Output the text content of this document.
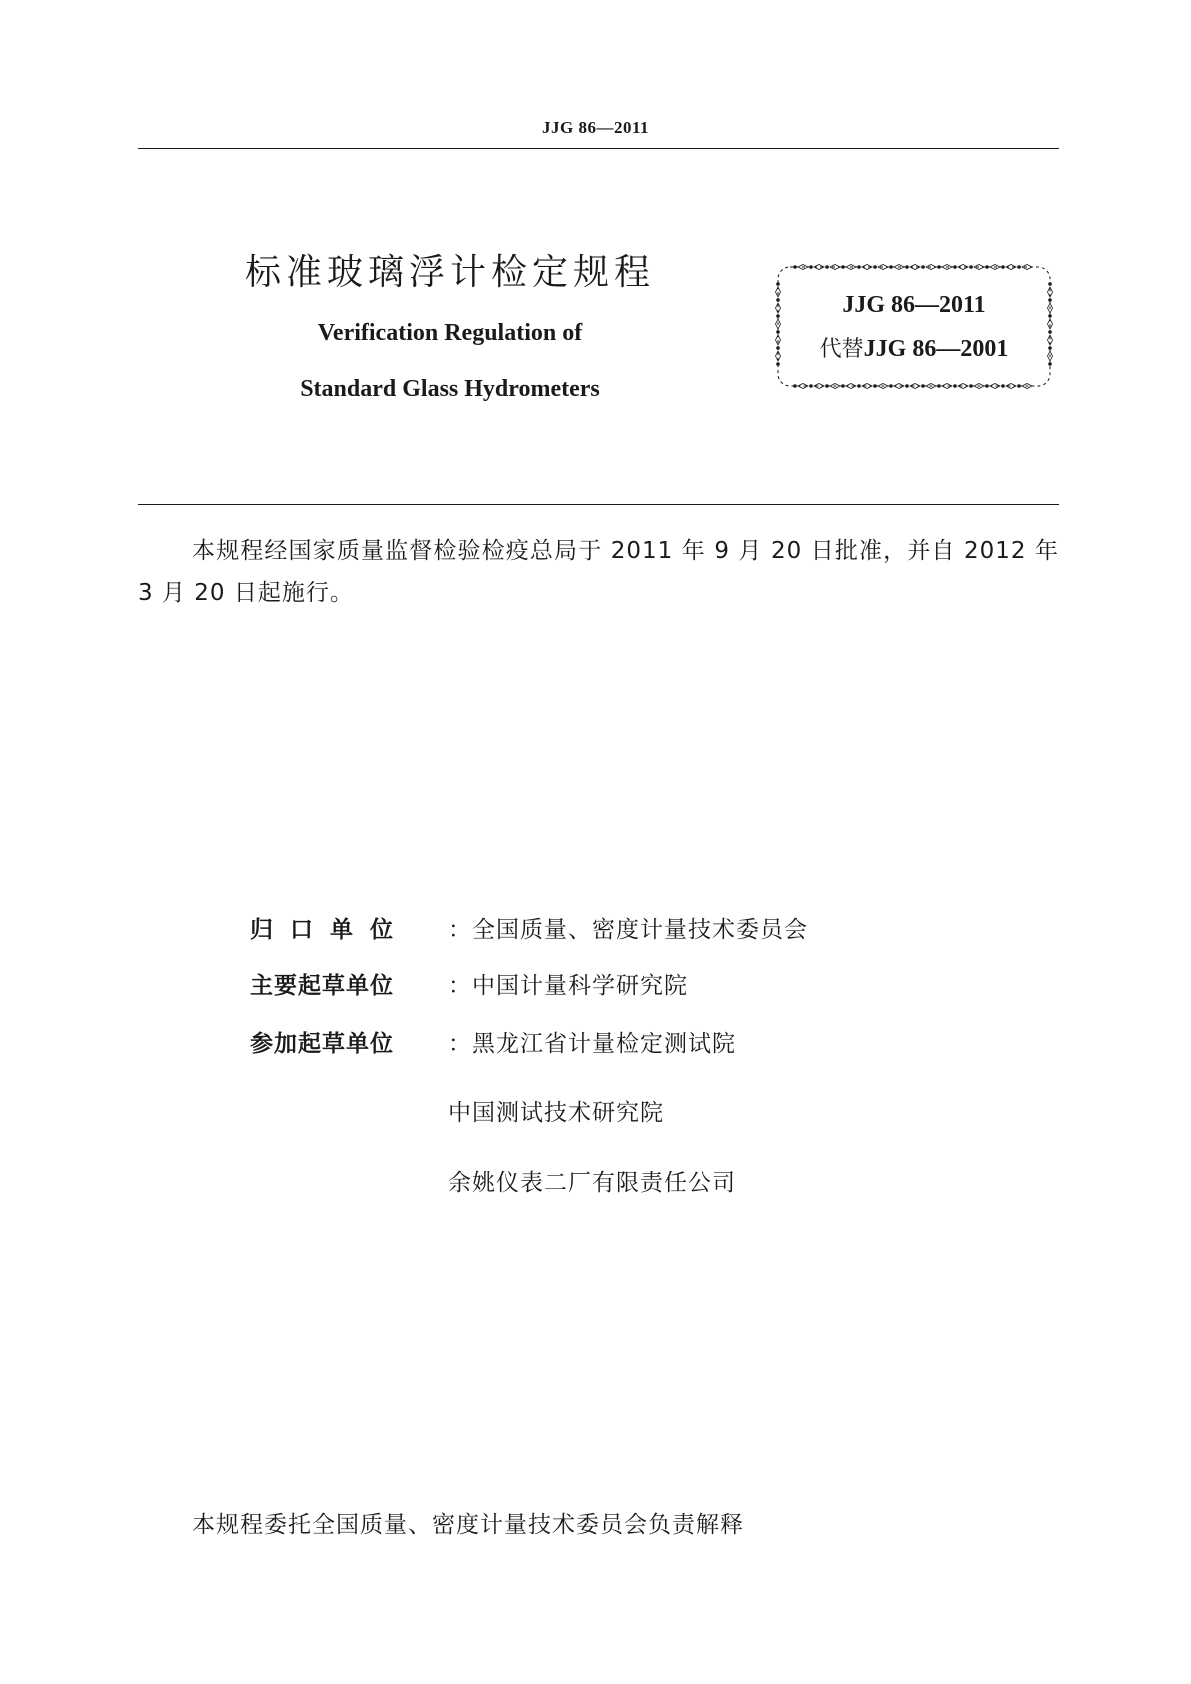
JJG 86—2011
标准玻璃浮计检定规程
Verification Regulation of
Standard Glass Hydrometers
JJG 86—2011
代替JJG 86—2001
本规程经国家质量监督检验检疫总局于 2011 年 9 月 20 日批准，并自 2012 年 3 月 20 日起施行。
归口单位 ：全国质量、密度计量技术委员会
主要起草单位 ：中国计量科学研究院
参加起草单位 ：黑龙江省计量检定测试院
中国测试技术研究院
余姚仪表二厂有限责任公司
本规程委托全国质量、密度计量技术委员会负责解释
